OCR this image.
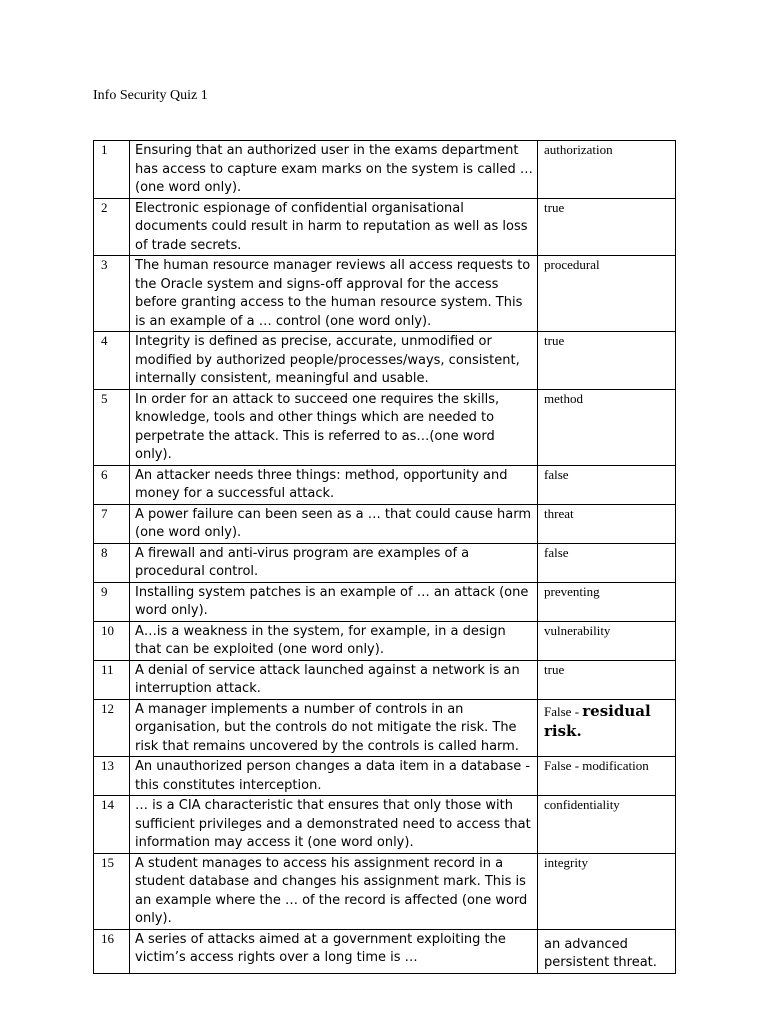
Info Security Quiz 1
1	Ensuring that an authorized user in the exams department has access to capture exam marks on the system is called … (one word only).	authorization
2	Electronic espionage of confidential organisational documents could result in harm to reputation as well as loss of trade secrets.	true
3	The human resource manager reviews all access requests to the Oracle system and signs-off approval for the access before granting access to the human resource system. This is an example of a … control (one word only).	procedural
4	Integrity is defined as precise, accurate, unmodified or modified by authorized people/processes/ways, consistent, internally consistent, meaningful and usable.	true
5	In order for an attack to succeed one requires the skills, knowledge, tools and other things which are needed to perpetrate the attack. This is referred to as…(one word only).	method
6	An attacker needs three things: method, opportunity and money for a successful attack.	false
7	A power failure can been seen as a … that could cause harm (one word only).	threat
8	A firewall and anti-virus program are examples of a procedural control.	false
9	Installing system patches is an example of … an attack (one word only).	preventing
10	A…is a weakness in the system, for example, in a design that can be exploited (one word only).	vulnerability
11	A denial of service attack launched against a network is an interruption attack.	true
12	A manager implements a number of controls in an organisation, but the controls do not mitigate the risk. The risk that remains uncovered by the controls is called harm.	False - residual risk.
13	An unauthorized person changes a data item in a database - this constitutes interception.	False - modification
14	… is a CIA characteristic that ensures that only those with sufficient privileges and a demonstrated need to access that information may access it (one word only).	confidentiality
15	A student manages to access his assignment record in a student database and changes his assignment mark. This is an example where the … of the record is affected (one word only).	integrity
16	A series of attacks aimed at a government exploiting the victim’s access rights over a long time is …	an advanced persistent threat.
